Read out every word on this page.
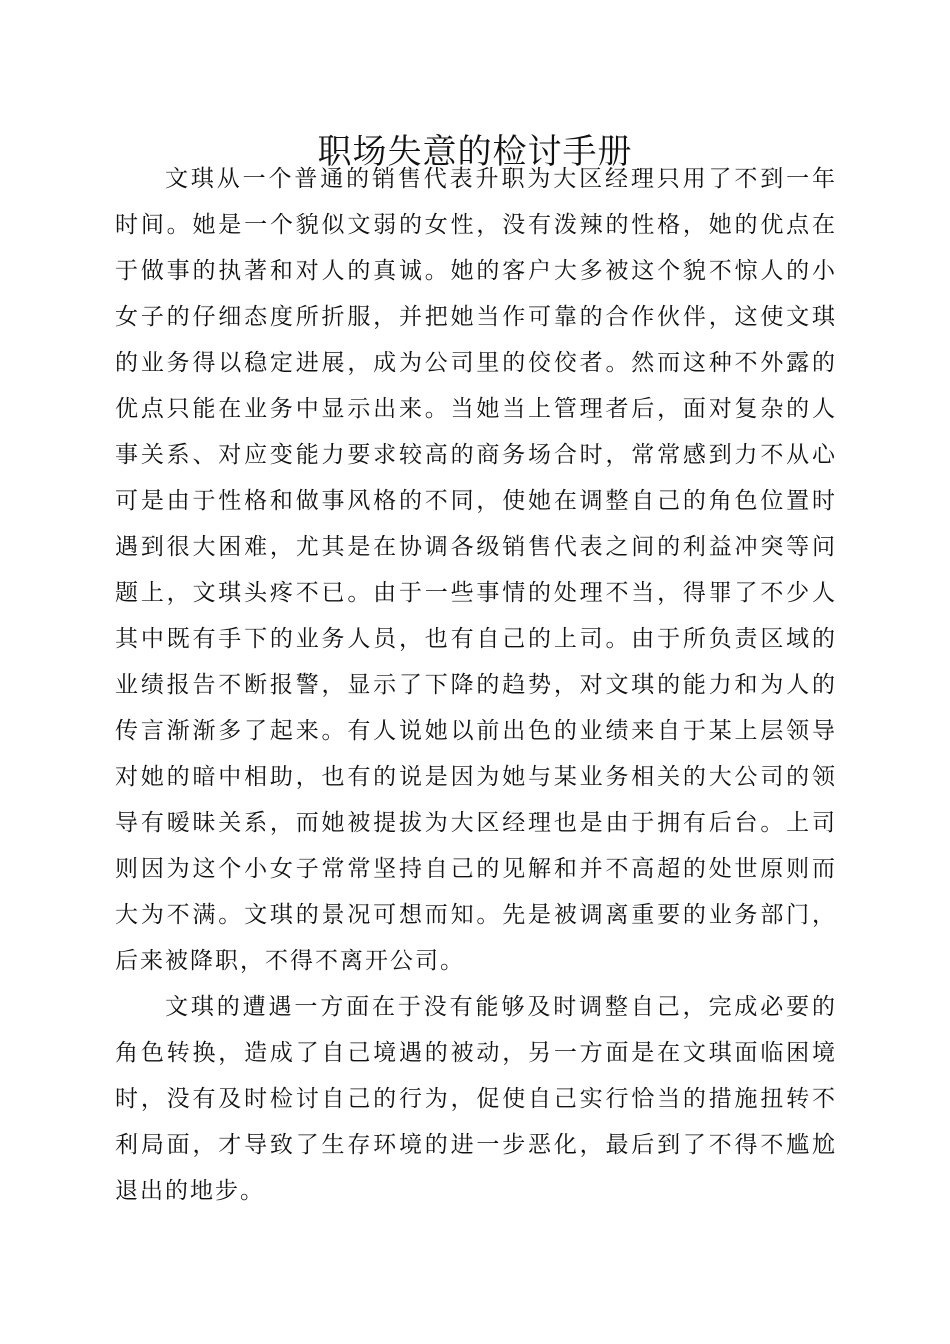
职场失意的检讨手册

文琪从一个普通的销售代表升职为大区经理只用了不到一年时间。她是一个貌似文弱的女性，没有泼辣的性格，她的优点在于做事的执著和对人的真诚。她的客户大多被这个貌不惊人的小女子的仔细态度所折服，并把她当作可靠的合作伙伴，这使文琪的业务得以稳定进展，成为公司里的佼佼者。然而这种不外露的优点只能在业务中显示出来。当她当上管理者后，面对复杂的人事关系、对应变能力要求较高的商务场合时，常常感到力不从心可是由于性格和做事风格的不同，使她在调整自己的角色位置时遇到很大困难，尤其是在协调各级销售代表之间的利益冲突等问题上，文琪头疼不已。由于一些事情的处理不当，得罪了不少人其中既有手下的业务人员，也有自己的上司。由于所负责区域的业绩报告不断报警，显示了下降的趋势，对文琪的能力和为人的传言渐渐多了起来。有人说她以前出色的业绩来自于某上层领导对她的暗中相助，也有的说是因为她与某业务相关的大公司的领导有暧昧关系，而她被提拔为大区经理也是由于拥有后台。上司则因为这个小女子常常坚持自己的见解和并不高超的处世原则而大为不满。文琪的景况可想而知。先是被调离重要的业务部门，后来被降职，不得不离开公司。

文琪的遭遇一方面在于没有能够及时调整自己，完成必要的角色转换，造成了自己境遇的被动，另一方面是在文琪面临困境时，没有及时检讨自己的行为，促使自己实行恰当的措施扭转不利局面，才导致了生存环境的进一步恶化，最后到了不得不尴尬退出的地步。
